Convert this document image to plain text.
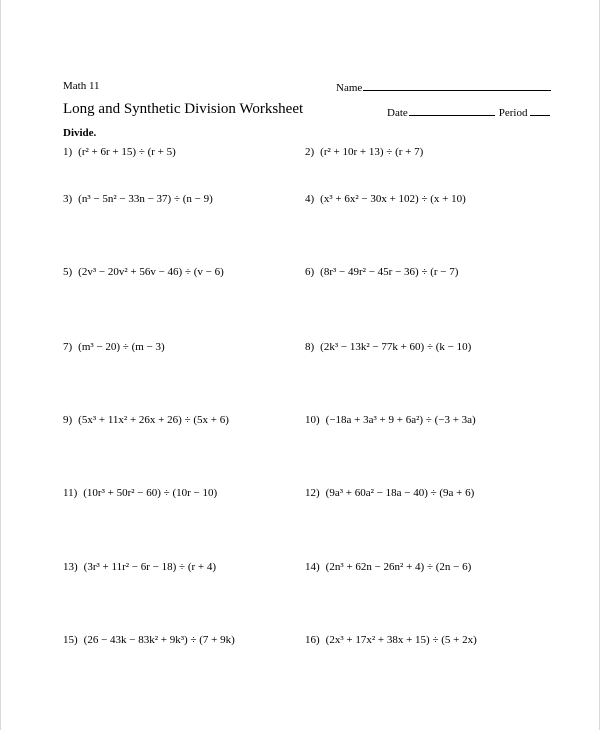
Math 11
Long and Synthetic Division Worksheet
Name
Date	Period
Divide.
1) (r² + 6r + 15) ÷ (r + 5)	2) (r² + 10r + 13) ÷ (r + 7)
3) (n³ − 5n² − 33n − 37) ÷ (n − 9)	4) (x³ + 6x² − 30x + 102) ÷ (x + 10)
5) (2v³ − 20v² + 56v − 46) ÷ (v − 6)	6) (8r³ − 49r² − 45r − 36) ÷ (r − 7)
7) (m³ − 20) ÷ (m − 3)	8) (2k³ − 13k² − 77k + 60) ÷ (k − 10)
9) (5x³ + 11x² + 26x + 26) ÷ (5x + 6)	10) (−18a + 3a³ + 9 + 6a²) ÷ (−3 + 3a)
11) (10r³ + 50r² − 60) ÷ (10r − 10)	12) (9a³ + 60a² − 18a − 40) ÷ (9a + 6)
13) (3r³ + 11r² − 6r − 18) ÷ (r + 4)	14) (2n³ + 62n − 26n² + 4) ÷ (2n − 6)
15) (26 − 43k − 83k² + 9k³) ÷ (7 + 9k)	16) (2x³ + 17x² + 38x + 15) ÷ (5 + 2x)
